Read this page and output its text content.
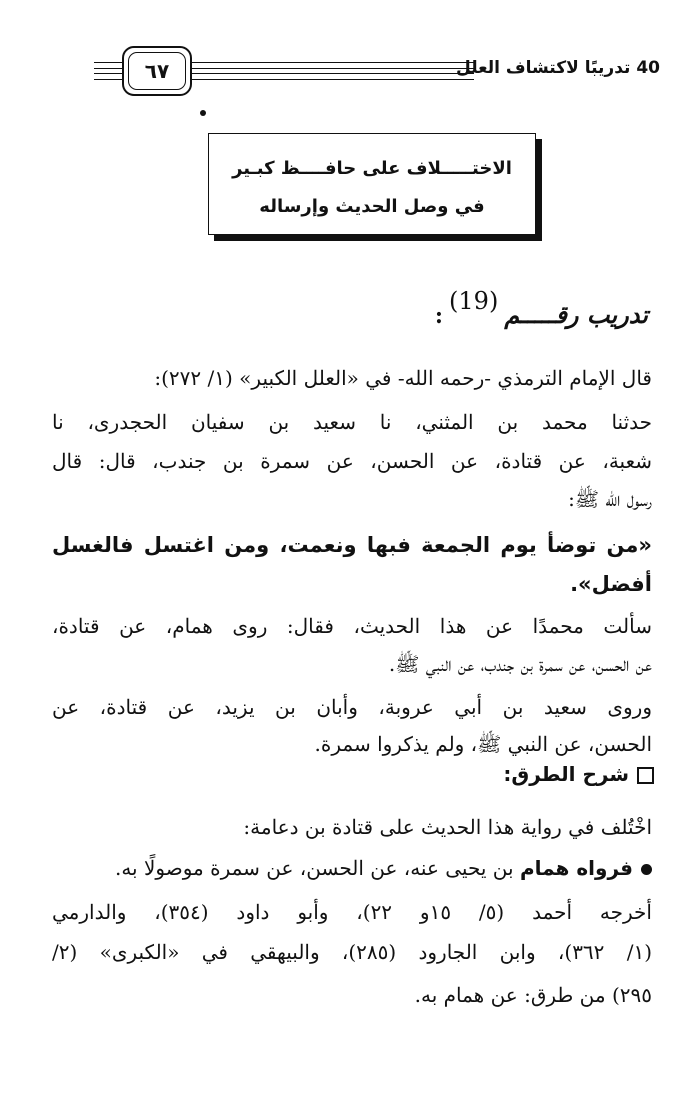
٦٧	40 تدريبًا لاكتشاف العلل
الاختـــــلاف على حافــــظ كبـير
في وصل الحديث وإرساله
تدريب رقـــــم(19):
قال الإمام الترمذي -رحمه الله- في «العلل الكبير» (١/ ٢٧٢):
حدثنا محمد بن المثني، نا سعيد بن سفيان الحجدرى، نا
شعبة، عن قتادة، عن الحسن، عن سمرة بن جندب، قال: قال
رسول الله ﷺ:
«من توضأ يوم الجمعة فبها ونعمت، ومن اغتسل فالغسل
أفضل».
سألت محمدًا عن هذا الحديث، فقال: روى همام، عن قتادة،
عن الحسن، عن سمرة بن جندب، عن النبي ﷺ.
وروى سعيد بن أبي عروبة، وأبان بن يزيد، عن قتادة، عن
الحسن، عن النبي ﷺ، ولم يذكروا سمرة.
شرح الطرق:
اخْتُلف في رواية هذا الحديث على قتادة بن دعامة:
فرواه همام بن يحيى عنه، عن الحسن، عن سمرة موصولًا به.
أخرجه أحمد (٥/ ١٥و ٢٢)، وأبو داود (٣٥٤)، والدارمي
(١/ ٣٦٢)، وابن الجارود (٢٨٥)، والبيهقي في «الكبرى» (٢/
٢٩٥) من طرق: عن همام به.
